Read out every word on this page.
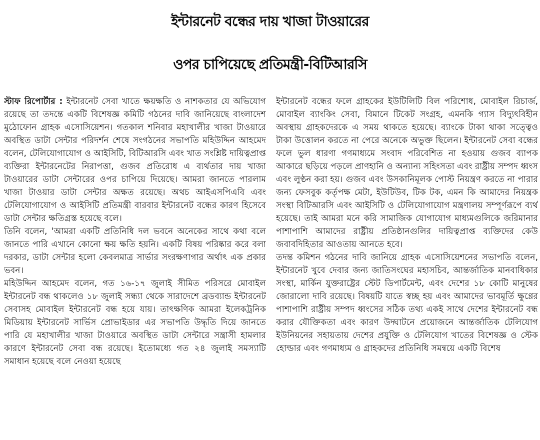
ইন্টারনেট বন্ধের দায় খাজা টাওয়ারের
ওপর চাপিয়েছে প্রতিমন্ত্রী-বিটিআরসি

স্টাফ রিপোর্টার : ইন্টারনেট সেবা খাতে ক্ষয়ক্ষতি ও নাশকতার যে অভিযোগ রয়েছে তা তদন্তে একটি বিশেষজ্ঞ কমিটি গঠনের দাবি জানিয়েছে বাংলাদেশ মুঠোফোন গ্রাহক এসোসিয়েশন। গতকাল শনিবার মহাখালীর খাজা টাওয়ারে অবস্থিত ডাটা সেন্টার পরিদর্শন শেষে সংগঠনের সভাপতি মহিউদ্দিন আহমেদ বলেন, টেলিযোগাযোগ ও আইসিটি, বিটিআরসি এবং খাত সংশ্লিষ্ট দায়িত্বপ্রাপ্ত ব্যক্তিরা ইন্টারনেটের নিরাপত্তা, গুজব প্রতিরোধ এ ব্যর্থতার দায় খাজা টাওয়ারের ডাটা সেন্টারের ওপর চাপিয়ে দিয়েছে। আমরা জানতে পারলাম খাজা টাওয়ার ডাটা সেন্টার অক্ষত রয়েছে। অথচ আইএসপিএবি এবং টেলিযোগাযোগ ও আইসিটি প্রতিমন্ত্রী বারবার ইন্টারনেট বন্ধের কারণ হিসেবে ডাটা সেন্টার ক্ষতিগ্রস্ত হয়েছে বলে।

তিনি বলেন, 'আমরা একটি প্রতিনিধি দল ভবনে অনেকের সাথে কথা বলে জানতে পারি এখানে কোনো ক্ষয় ক্ষতি হয়নি। একটি বিষয় পরিষ্কার করে বলা দরকার, ডাটা সেন্টার হলো কেবলমাত্র সার্ভার সংরক্ষণাগার অর্থাৎ এক প্রকার ভবন।

মহিউদ্দিন আহমেদ বলেন, গত ১৬-১৭ জুলাই সীমিত পরিসরে মোবাইল ইন্টারনেট বন্ধ থাকলেও ১৮ জুলাই সন্ধ্যা থেকে সারাদেশে ব্রডব্যান্ড ইন্টারনেট সেবাসহ মোবাইল ইন্টারনেট বন্ধ হয়ে যায়। তাৎক্ষণিক আমরা ইলেকট্রনিক মিডিয়ায় ইন্টারনেট সার্ভিস প্রোভাইডার এর সভাপতি উদ্ধৃতি দিয়ে জানতে পারি যে মহাখালীর খাজা টাওয়ারে অবস্থিত ডাটা সেন্টারে সন্ত্রাসী হামলার কারণে ইন্টারনেট সেবা বন্ধ রয়েছে। ইতোমধ্যে গত ২৪ জুলাই সমস্যাটি সমাধান হয়েছে বলে নেওয়া হয়েছে

ইন্টারনেট বন্ধের ফলে গ্রাহকের ইউটিলিটি বিল পরিশোধ, মোবাইল রিচার্জ, মোবাইল ব্যাংকিং সেবা, বিমানে টিকেট সংগ্রহ, এমনকি গ্যাস বিদ্যুৎবিহীন অবস্থায় গ্রাহকদেরকে এ সময় থাকতে হয়েছে। ব্যাংকে টাকা থাকা সত্ত্বেও টাকা উত্তোলন করতে না পেরে অনেকে অভুক্ত ছিলেন। ইন্টারনেট সেবা বন্ধের ফলে ভুল ধারণা গণমাধ্যমে সংবাদ পরিবেশিত না হওয়ায় গুজব ব্যাপক আকারে ছড়িয়ে পড়লে প্রাণহানি ও অন্যান্য সহিংসতা এবং রাষ্ট্রীয় সম্পদ ধ্বংস এবং লুণ্ঠন করা হয়। গুজব এবং উসকানিমূলক পোস্ট নিয়ন্ত্রণ করতে না পারার জন্য ফেসবুক কর্তৃপক্ষ মেটা, ইউটিউব, টিক টক, এমন কি আমাদের নিয়ন্ত্রক সংস্থা বিটিআরসি এবং আইসিটি ও টেলিযোগাযোগ মন্ত্রণালয় সম্পূর্ণরূপে ব্যর্থ হয়েছে। তাই আমরা মনে করি সামাজিক যোগাযোগ মাধ্যমগুলিকে জরিমানার পাশাপাশি আমাদের রাষ্ট্রীয় প্রতিষ্ঠানগুলির দায়িত্বপ্রাপ্ত ব্যক্তিদের কেউ জবাবদিহিতার আওতায় আনতে হবে।

তদন্ত কমিশন গঠনের দাবি জানিয়ে গ্রাহক এসোসিয়েশনের সভাপতি বলেন, ইন্টারনেট খুবে দেবার জন্য জাতিসংঘের মহাসচিব, আন্তর্জাতিক মানবাধিকার সংস্থা, মার্কিন যুক্তরাষ্ট্রের স্টেট ডিপার্টমেন্ট, এবং দেশের ১৮ কোটি মানুষের জোরালো দাবি রয়েছে। বিষয়টি যাতে স্বচ্ছ হয় এবং আমাদের ভাবমূর্তি ক্ষুণ্ণের পাশাপাশি রাষ্ট্রীয় সম্পদ ধ্বংসের সঠিক তথ্য একই সাথে দেশের ইন্টারনেট বন্ধ করার যৌক্তিকতা এবং কারণ উদ্ঘাটনে প্রয়োজনে আন্তর্জাতিক টেলিযোগ ইউনিয়নের সহায়তায় দেশের প্রযুক্তি ও টেলিযোগ খাতের বিশেষজ্ঞ ও স্টেক হোল্ডার এবং গণমাধ্যম ও গ্রাহকদের প্রতিনিধি সমন্বয়ে একটি বিশেষ
